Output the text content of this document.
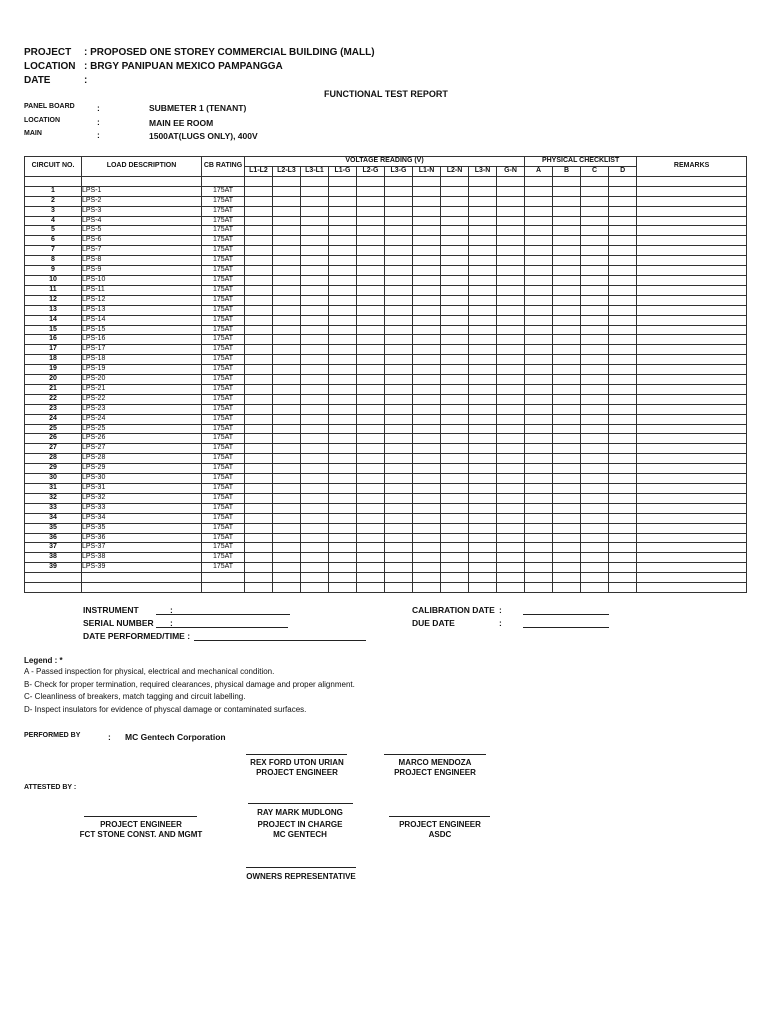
PROJECT : PROPOSED ONE STOREY COMMERCIAL BUILDING (MALL)
LOCATION : BRGY PANIPUAN MEXICO PAMPANGGA
DATE	:
FUNCTIONAL TEST REPORT
PANEL BOARD	:	SUBMETER 1 (TENANT)
LOCATION	:	MAIN EE ROOM
MAIN	:	1500AT(LUGS ONLY), 400V
CIRCUIT NO.	LOAD DESCRIPTION	CB RATING	VOLTAGE READING (V)										PHYSICAL CHECKLIST				REMARKS
			L1-L2	L2-L3	L3-L1	L1-G	L2-G	L3-G	L1-N	L2-N	L3-N	G-N	A	B	C	D	

1	LPS-1	175AT															
2	LPS-2	175AT															
3	LPS-3	175AT															
4	LPS-4	175AT															
5	LPS-5	175AT															
6	LPS-6	175AT															
7	LPS-7	175AT															
8	LPS-8	175AT															
9	LPS-9	175AT															
10	LPS-10	175AT															
11	LPS-11	175AT															
12	LPS-12	175AT															
13	LPS-13	175AT															
14	LPS-14	175AT															
15	LPS-15	175AT															
16	LPS-16	175AT															
17	LPS-17	175AT															
18	LPS-18	175AT															
19	LPS-19	175AT															
20	LPS-20	175AT															
21	LPS-21	175AT															
22	LPS-22	175AT															
23	LPS-23	175AT															
24	LPS-24	175AT															
25	LPS-25	175AT															
26	LPS-26	175AT															
27	LPS-27	175AT															
28	LPS-28	175AT															
29	LPS-29	175AT															
30	LPS-30	175AT															
31	LPS-31	175AT															
32	LPS-32	175AT															
33	LPS-33	175AT															
34	LPS-34	175AT															
35	LPS-35	175AT															
36	LPS-36	175AT															
37	LPS-37	175AT															
38	LPS-38	175AT															
39	LPS-39	175AT															

INSTRUMENT	:
SERIAL NUMBER :
DATE PERFORMED/TIME :
CALIBRATION DATE :
DUE DATE	:
Legend : *
A - Passed inspection for physical, electrical and mechanical condition.
B- Check for proper termination, required clearances, physical damage and proper alignment.
C- Cleanliness of breakers, match tagging and circuit labelling.
D- Inspect insulators for evidence of physcal damage or contaminated surfaces.
PERFORMED BY	: MC Gentech Corporation
REX FORD UTON URIAN
PROJECT ENGINEER
MARCO MENDOZA
PROJECT ENGINEER
ATTESTED BY :
PROJECT ENGINEER
FCT STONE CONST. AND MGMT
RAY MARK MUDLONG
PROJECT IN CHARGE
MC GENTECH
PROJECT ENGINEER
ASDC
OWNERS REPRESENTATIVE
